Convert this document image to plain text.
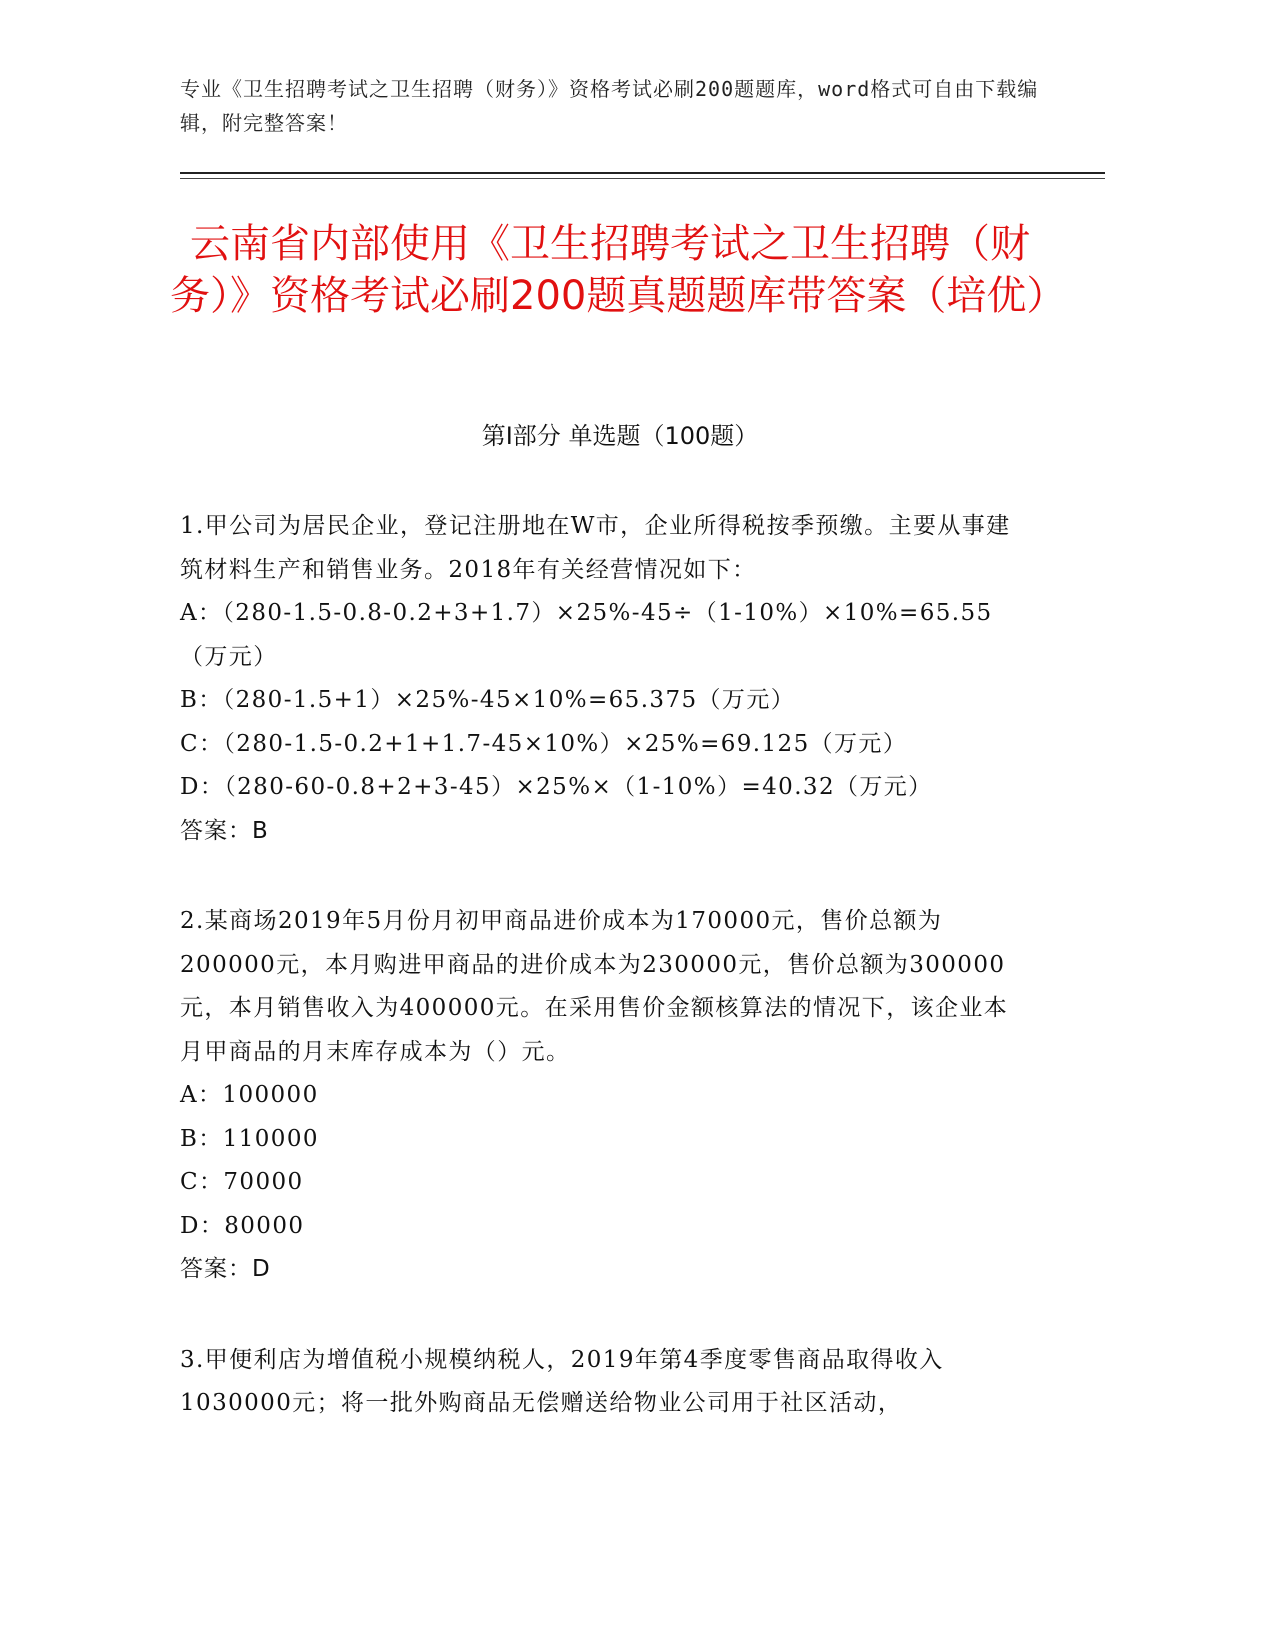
专业《卫生招聘考试之卫生招聘（财务）》资格考试必刷200题题库，word格式可自由下载编辑，附完整答案！
云南省内部使用《卫生招聘考试之卫生招聘（财务）》资格考试必刷200题真题题库带答案（培优）
第Ⅰ部分 单选题（100题）

1.甲公司为居民企业，登记注册地在W市，企业所得税按季预缴。主要从事建筑材料生产和销售业务。2018年有关经营情况如下：

A：（280-1.5-0.8-0.2+3+1.7）×25%-45÷（1-10%）×10%=65.55（万元）

B：（280-1.5+1）×25%-45×10%=65.375（万元）

C：（280-1.5-0.2+1+1.7-45×10%）×25%=69.125（万元）

D：（280-60-0.8+2+3-45）×25%×（1-10%）=40.32（万元）

答案：B

2.某商场2019年5月份月初甲商品进价成本为170000元，售价总额为200000元，本月购进甲商品的进价成本为230000元，售价总额为300000元，本月销售收入为400000元。在采用售价金额核算法的情况下，该企业本月甲商品的月末库存成本为（）元。

A：100000

B：110000

C：70000

D：80000

答案：D

3.甲便利店为增值税小规模纳税人，2019年第4季度零售商品取得收入1030000元；将一批外购商品无偿赠送给物业公司用于社区活动，
